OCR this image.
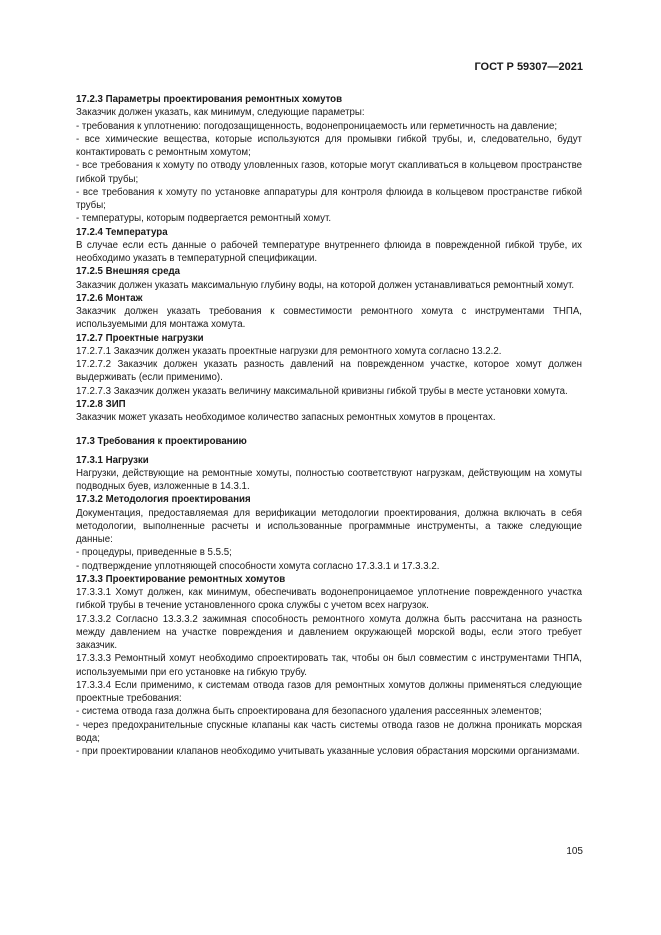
ГОСТ Р 59307—2021

17.2.3 Параметры проектирования ремонтных хомутов

Заказчик должен указать, как минимум, следующие параметры:

- требования к уплотнению: погодозащищенность, водонепроницаемость или герметичность на давление;

- все химические вещества, которые используются для промывки гибкой трубы, и, следовательно, будут контактировать с ремонтным хомутом;

- все требования к хомуту по отводу уловленных газов, которые могут скапливаться в кольцевом пространстве гибкой трубы;

- все требования к хомуту по установке аппаратуры для контроля флюида в кольцевом пространстве гибкой трубы;

- температуры, которым подвергается ремонтный хомут.

17.2.4 Температура

В случае если есть данные о рабочей температуре внутреннего флюида в поврежденной гибкой трубе, их необходимо указать в температурной спецификации.

17.2.5 Внешняя среда

Заказчик должен указать максимальную глубину воды, на которой должен устанавливаться ремонтный хомут.

17.2.6 Монтаж

Заказчик должен указать требования к совместимости ремонтного хомута с инструментами ТНПА, используемыми для монтажа хомута.

17.2.7 Проектные нагрузки

17.2.7.1 Заказчик должен указать проектные нагрузки для ремонтного хомута согласно 13.2.2.

17.2.7.2 Заказчик должен указать разность давлений на поврежденном участке, которое хомут должен выдерживать (если применимо).

17.2.7.3 Заказчик должен указать величину максимальной кривизны гибкой трубы в месте установки хомута.

17.2.8 ЗИП

Заказчик может указать необходимое количество запасных ремонтных хомутов в процентах.

17.3 Требования к проектированию

17.3.1 Нагрузки

Нагрузки, действующие на ремонтные хомуты, полностью соответствуют нагрузкам, действующим на хомуты подводных буев, изложенные в 14.3.1.

17.3.2 Методология проектирования

Документация, предоставляемая для верификации методологии проектирования, должна включать в себя методологии, выполненные расчеты и использованные программные инструменты, а также следующие данные:

- процедуры, приведенные в 5.5.5;

- подтверждение уплотняющей способности хомута согласно 17.3.3.1 и 17.3.3.2.

17.3.3 Проектирование ремонтных хомутов

17.3.3.1 Хомут должен, как минимум, обеспечивать водонепроницаемое уплотнение поврежденного участка гибкой трубы в течение установленного срока службы с учетом всех нагрузок.

17.3.3.2 Согласно 13.3.3.2 зажимная способность ремонтного хомута должна быть рассчитана на разность между давлением на участке повреждения и давлением окружающей морской воды, если этого требует заказчик.

17.3.3.3 Ремонтный хомут необходимо спроектировать так, чтобы он был совместим с инструментами ТНПА, используемыми при его установке на гибкую трубу.

17.3.3.4 Если применимо, к системам отвода газов для ремонтных хомутов должны применяться следующие проектные требования:

- система отвода газа должна быть спроектирована для безопасного удаления рассеянных элементов;

- через предохранительные спускные клапаны как часть системы отвода газов не должна проникать морская вода;

- при проектировании клапанов необходимо учитывать указанные условия обрастания морскими организмами.

105
